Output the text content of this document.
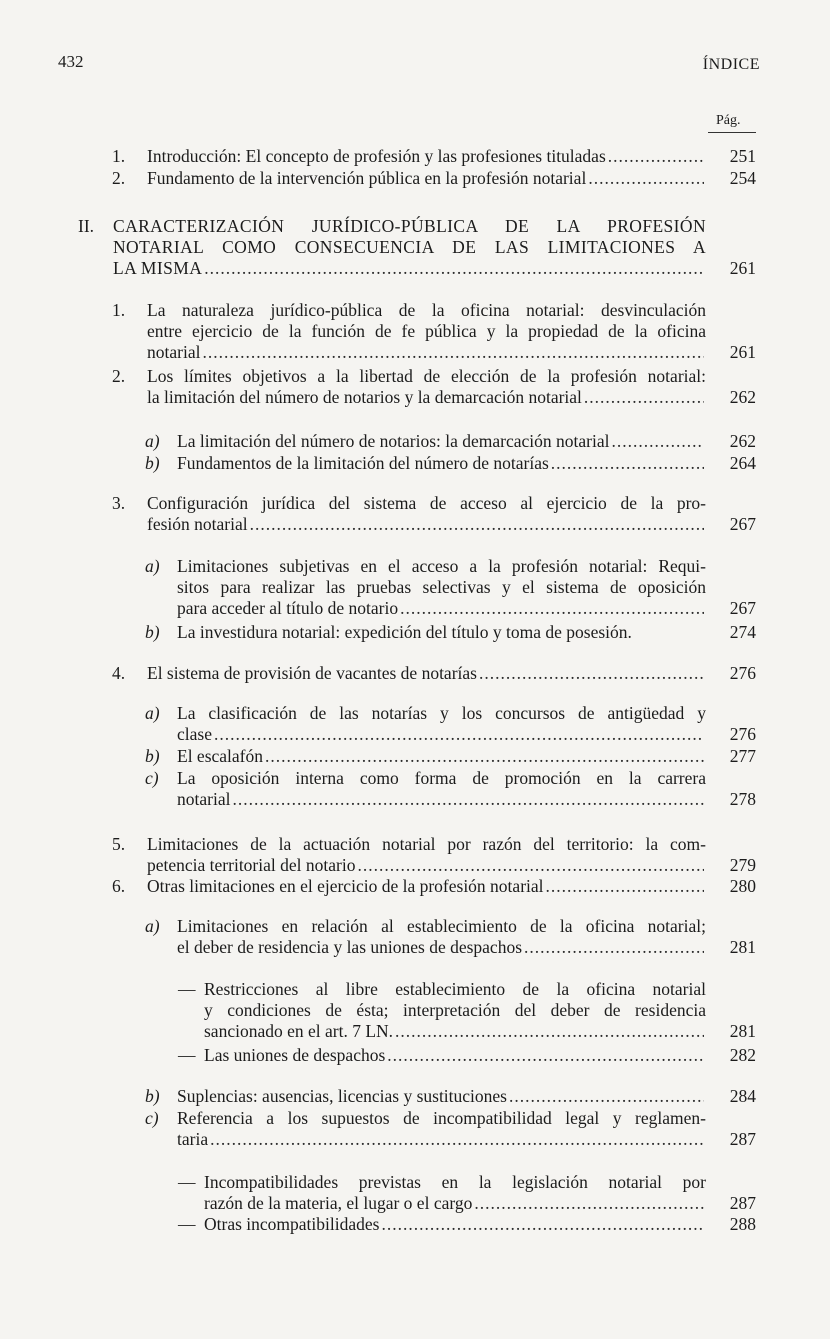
432	ÍNDICE
Pág.
1. Introducción: El concepto de profesión y las profesiones tituladas .....	251
2. Fundamento de la intervención pública en la profesión notarial .....	254
II. CARACTERIZACIÓN JURÍDICO-PÚBLICA DE LA PROFESIÓN
NOTARIAL COMO CONSECUENCIA DE LAS LIMITACIONES A
LA MISMA .....	261
1. La naturaleza jurídico-pública de la oficina notarial: desvinculación
entre ejercicio de la función de fe pública y la propiedad de la oficina
notarial .....	261
2. Los límites objetivos a la libertad de elección de la profesión notarial:
la limitación del número de notarios y la demarcación notarial .....	262
a) La limitación del número de notarios: la demarcación notarial .....	262
b) Fundamentos de la limitación del número de notarías .....	264
3. Configuración jurídica del sistema de acceso al ejercicio de la pro-
fesión notarial .....	267
a) Limitaciones subjetivas en el acceso a la profesión notarial: Requi-
sitos para realizar las pruebas selectivas y el sistema de oposición
para acceder al título de notario .....	267
b) La investidura notarial: expedición del título y toma de posesión.	274
4. El sistema de provisión de vacantes de notarías .....	276
a) La clasificación de las notarías y los concursos de antigüedad y
clase .....	276
b) El escalafón .....	277
c) La oposición interna como forma de promoción en la carrera
notarial .....	278
5. Limitaciones de la actuación notarial por razón del territorio: la com-
petencia territorial del notario .....	279
6. Otras limitaciones en el ejercicio de la profesión notarial .....	280
a) Limitaciones en relación al establecimiento de la oficina notarial;
el deber de residencia y las uniones de despachos .....	281
— Restricciones al libre establecimiento de la oficina notarial
y condiciones de ésta; interpretación del deber de residencia
sancionado en el art. 7 LN. .....	281
— Las uniones de despachos .....	282
b) Suplencias: ausencias, licencias y sustituciones .....	284
c) Referencia a los supuestos de incompatibilidad legal y reglamen-
taria .....	287
— Incompatibilidades previstas en la legislación notarial por
razón de la materia, el lugar o el cargo .....	287
— Otras incompatibilidades .....	288
